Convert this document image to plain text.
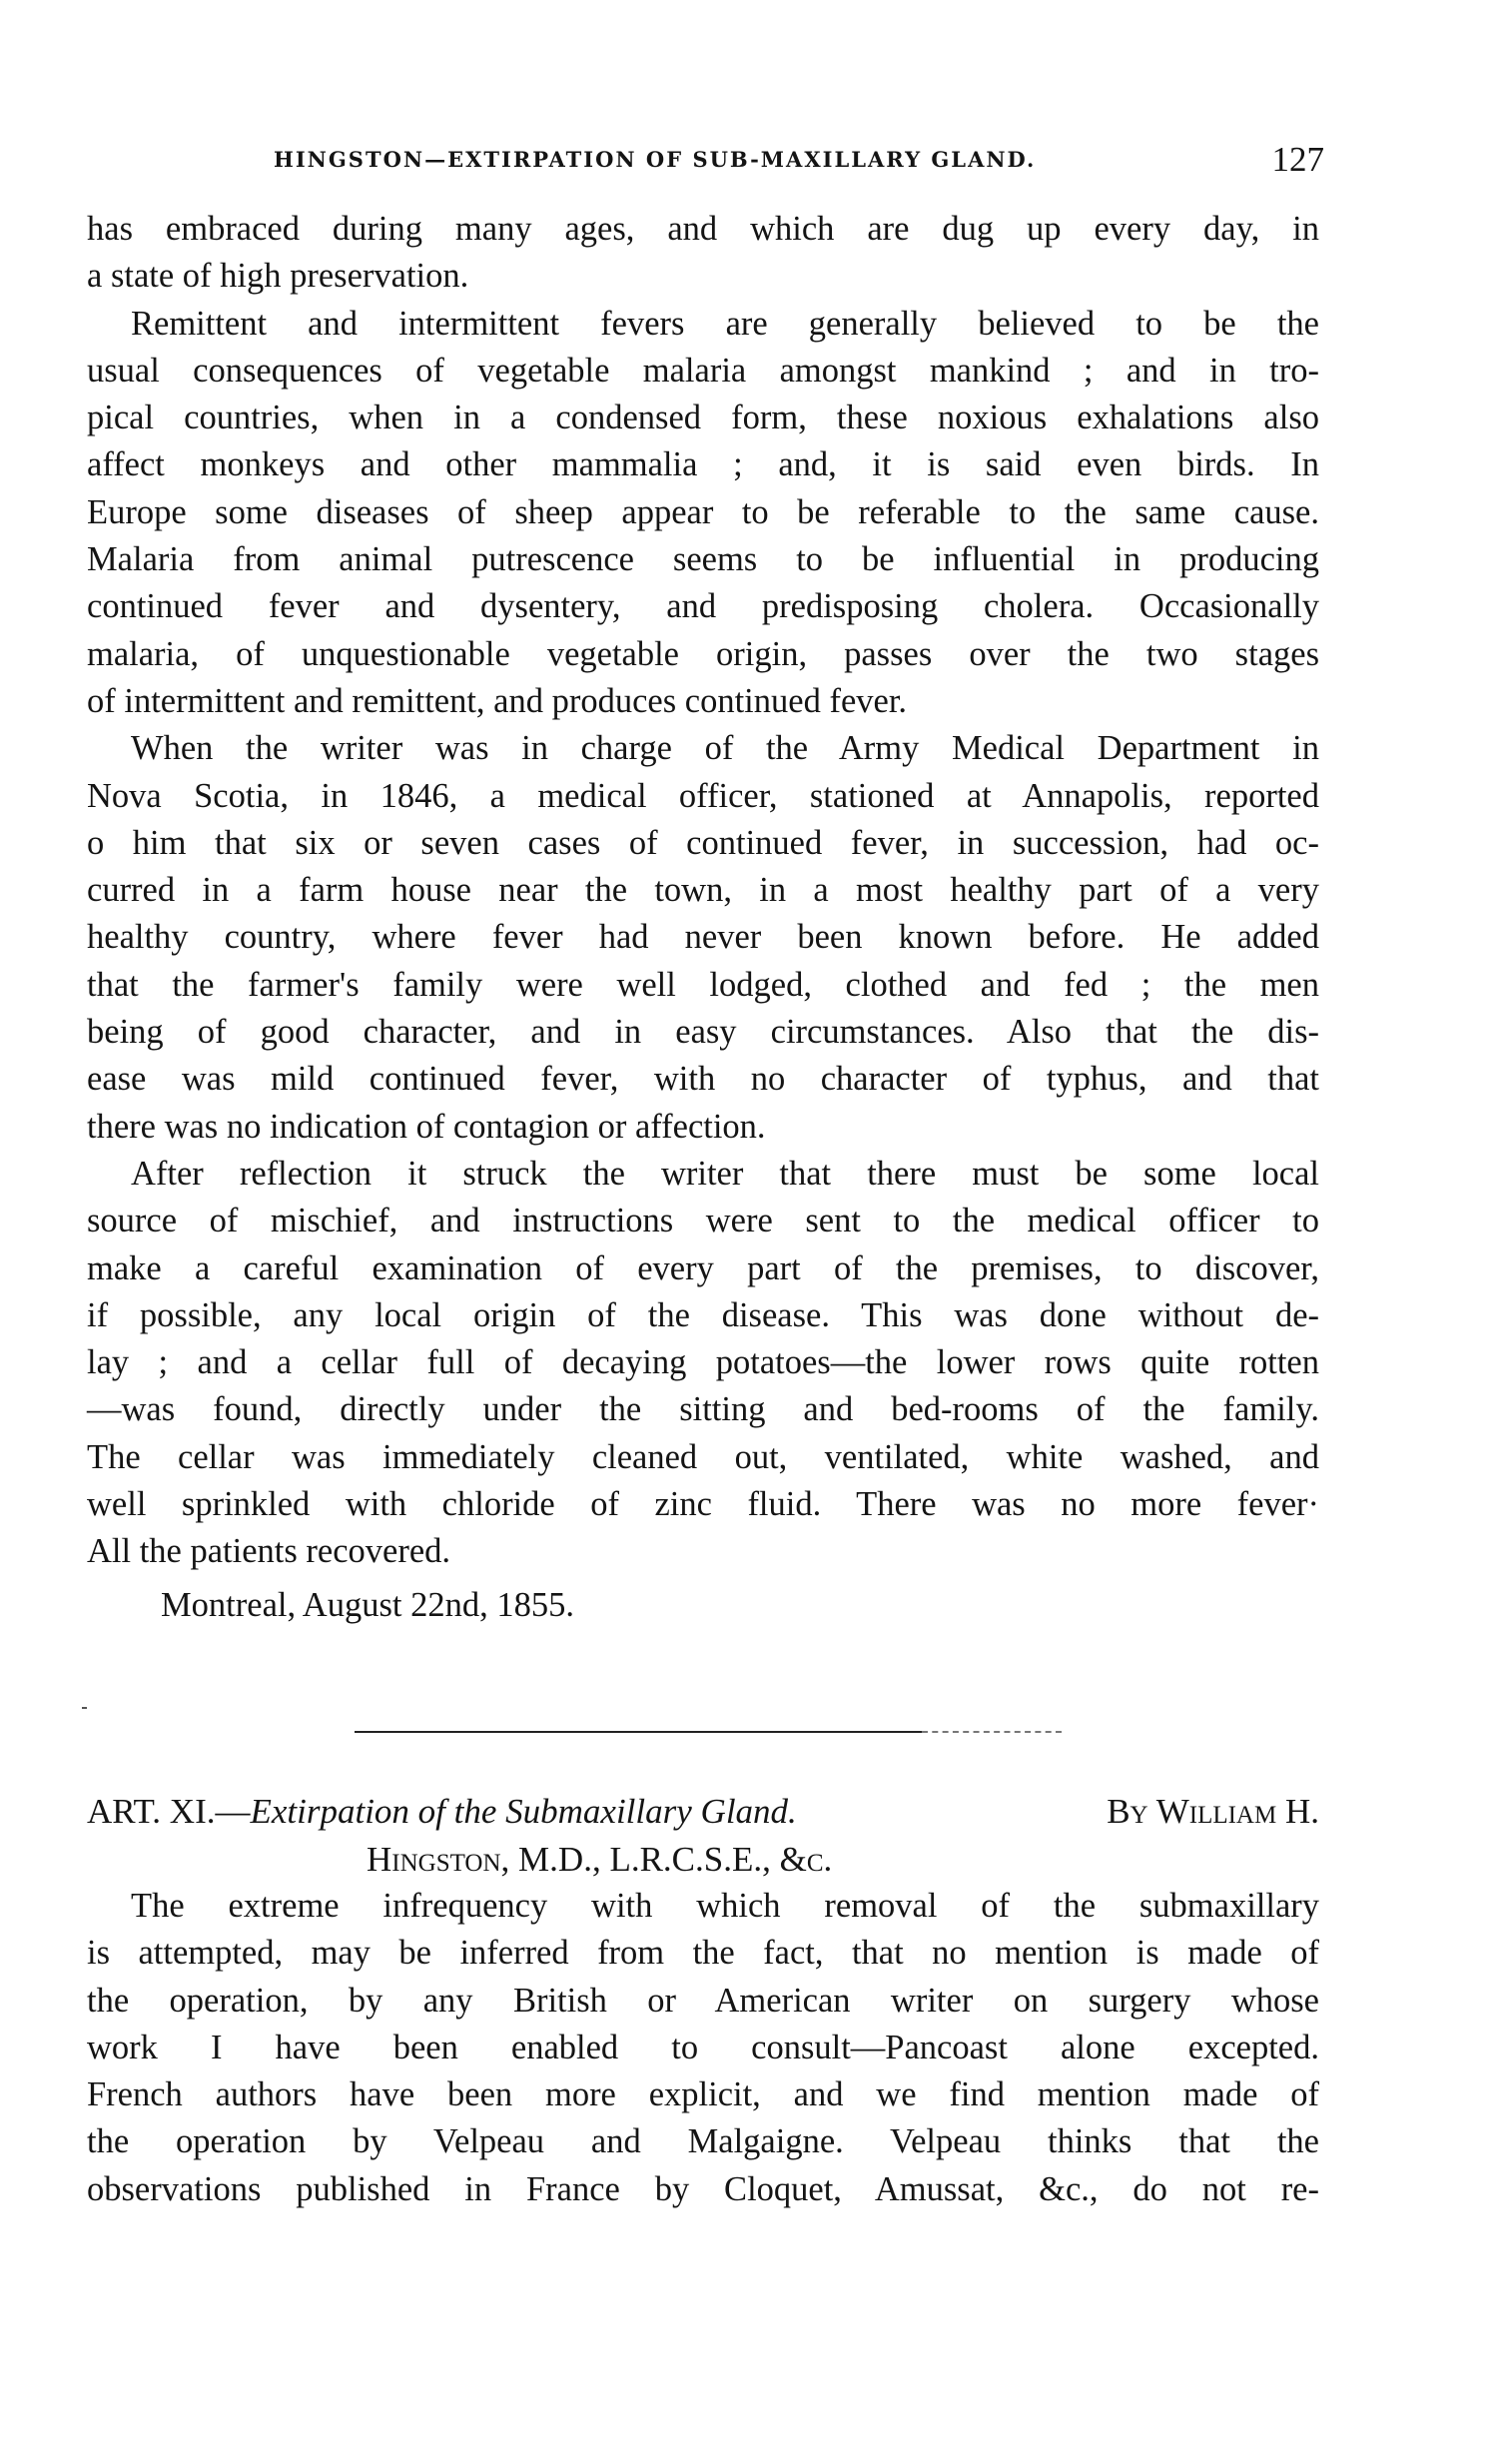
HINGSTON—EXTIRPATION OF SUB-MAXILLARY GLAND.	127
has embraced during many ages, and which are dug up every day, in
a state of high preservation.
Remittent and intermittent fevers are generally believed to be the
usual consequences of vegetable malaria amongst mankind ; and in tro-
pical countries, when in a condensed form, these noxious exhalations also
affect monkeys and other mammalia ; and, it is said even birds. In
Europe some diseases of sheep appear to be referable to the same cause.
Malaria from animal putrescence seems to be influential in producing
continued fever and dysentery, and predisposing cholera. Occasionally
malaria, of unquestionable vegetable origin, passes over the two stages
of intermittent and remittent, and produces continued fever.
When the writer was in charge of the Army Medical Department in
Nova Scotia, in 1846, a medical officer, stationed at Annapolis, reported
o him that six or seven cases of continued fever, in succession, had oc-
curred in a farm house near the town, in a most healthy part of a very
healthy country, where fever had never been known before. He added
that the farmer's family were well lodged, clothed and fed ; the men
being of good character, and in easy circumstances. Also that the dis-
ease was mild continued fever, with no character of typhus, and that
there was no indication of contagion or affection.
After reflection it struck the writer that there must be some local
source of mischief, and instructions were sent to the medical officer to
make a careful examination of every part of the premises, to discover,
if possible, any local origin of the disease. This was done without de-
lay ; and a cellar full of decaying potatoes—the lower rows quite rotten
—was found, directly under the sitting and bed-rooms of the family.
The cellar was immediately cleaned out, ventilated, white washed, and
well sprinkled with chloride of zinc fluid. There was no more fever·
All the patients recovered.
Montreal, August 22nd, 1855.
ART. XI.—Extirpation of the Submaxillary Gland.	By William H.
Hingston, M.D., L.R.C.S.E., &c.
The extreme infrequency with which removal of the submaxillary
is attempted, may be inferred from the fact, that no mention is made of
the operation, by any British or American writer on surgery whose
work I have been enabled to consult—Pancoast alone excepted.
French authors have been more explicit, and we find mention made of
the operation by Velpeau and Malgaigne. Velpeau thinks that the
observations published in France by Cloquet, Amussat, &c., do not re-
